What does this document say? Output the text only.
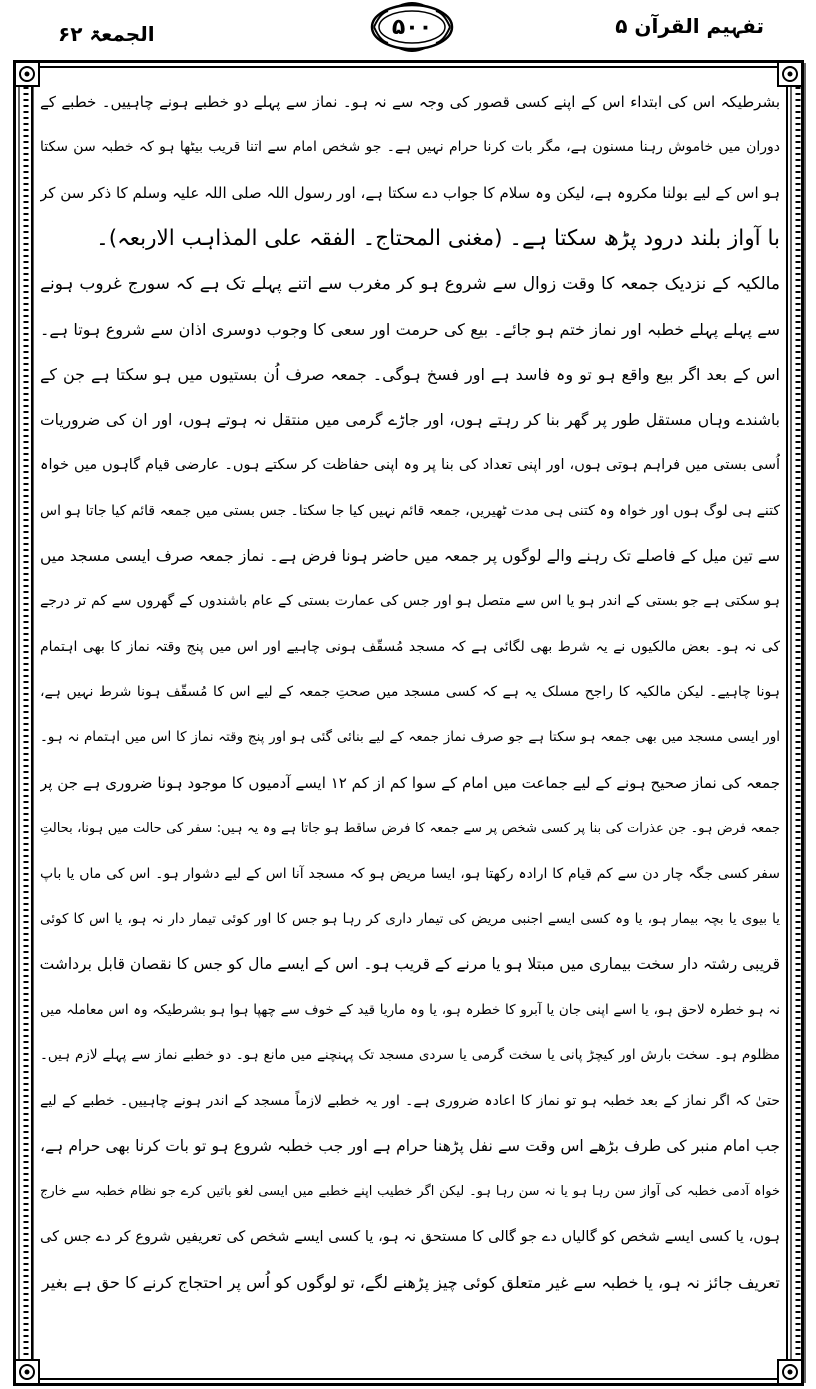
تفہیم القرآن ۵
۵۰۰
الجمعۃ ۶۲
بشرطیکہ اس کی ابتداء اس کے اپنے کسی قصور کی وجہ سے نہ ہو۔ نماز سے پہلے دو خطبے ہونے چاہییں۔ خطبے کے
دوران میں خاموش رہنا مسنون ہے، مگر بات کرنا حرام نہیں ہے۔ جو شخص امام سے اتنا قریب بیٹھا ہو کہ خطبہ سن سکتا
ہو اس کے لیے بولنا مکروہ ہے، لیکن وہ سلام کا جواب دے سکتا ہے، اور رسول اللہ صلی اللہ علیہ وسلم کا ذکر سن کر
با آواز بلند درود پڑھ سکتا ہے۔ (مغنی المحتاج۔ الفقہ علی المذاہب الاربعہ)۔
مالکیہ کے نزدیک جمعہ کا وقت زوال سے شروع ہو کر مغرب سے اتنے پہلے تک ہے کہ سورج غروب ہونے
سے پہلے پہلے خطبہ اور نماز ختم ہو جائے۔ بیع کی حرمت اور سعی کا وجوب دوسری اذان سے شروع ہوتا ہے۔
اس کے بعد اگر بیع واقع ہو تو وہ فاسد ہے اور فسخ ہوگی۔ جمعہ صرف اُن بستیوں میں ہو سکتا ہے جن کے
باشندے وہاں مستقل طور پر گھر بنا کر رہتے ہوں، اور جاڑے گرمی میں منتقل نہ ہوتے ہوں، اور ان کی ضروریات
اُسی بستی میں فراہم ہوتی ہوں، اور اپنی تعداد کی بنا پر وہ اپنی حفاظت کر سکتے ہوں۔ عارضی قیام گاہوں میں خواہ
کتنے ہی لوگ ہوں اور خواہ وہ کتنی ہی مدت ٹھیریں، جمعہ قائم نہیں کیا جا سکتا۔ جس بستی میں جمعہ قائم کیا جاتا ہو اس
سے تین میل کے فاصلے تک رہنے والے لوگوں پر جمعہ میں حاضر ہونا فرض ہے۔ نماز جمعہ صرف ایسی مسجد میں
ہو سکتی ہے جو بستی کے اندر ہو یا اس سے متصل ہو اور جس کی عمارت بستی کے عام باشندوں کے گھروں سے کم تر درجے
کی نہ ہو۔ بعض مالکیوں نے یہ شرط بھی لگائی ہے کہ مسجد مُسقّف ہونی چاہیے اور اس میں پنج وقتہ نماز کا بھی اہتمام
ہونا چاہیے۔ لیکن مالکیہ کا راجح مسلک یہ ہے کہ کسی مسجد میں صحتِ جمعہ کے لیے اس کا مُسقّف ہونا شرط نہیں ہے،
اور ایسی مسجد میں بھی جمعہ ہو سکتا ہے جو صرف نماز جمعہ کے لیے بنائی گئی ہو اور پنج وقتہ نماز کا اس میں اہتمام نہ ہو۔
جمعہ کی نماز صحیح ہونے کے لیے جماعت میں امام کے سوا کم از کم ۱۲ ایسے آدمیوں کا موجود ہونا ضروری ہے جن پر
جمعہ فرض ہو۔ جن عذرات کی بنا پر کسی شخص پر سے جمعہ کا فرض ساقط ہو جاتا ہے وہ یہ ہیں: سفر کی حالت میں ہونا، بحالتِ
سفر کسی جگہ چار دن سے کم قیام کا ارادہ رکھتا ہو، ایسا مریض ہو کہ مسجد آنا اس کے لیے دشوار ہو۔ اس کی ماں یا باپ
یا بیوی یا بچہ بیمار ہو، یا وہ کسی ایسے اجنبی مریض کی تیمار داری کر رہا ہو جس کا اور کوئی تیمار دار نہ ہو، یا اس کا کوئی
قریبی رشتہ دار سخت بیماری میں مبتلا ہو یا مرنے کے قریب ہو۔ اس کے ایسے مال کو جس کا نقصان قابل برداشت
نہ ہو خطرہ لاحق ہو، یا اسے اپنی جان یا آبرو کا خطرہ ہو، یا وہ ماریا قید کے خوف سے چھپا ہوا ہو بشرطیکہ وہ اس معاملہ میں
مظلوم ہو۔ سخت بارش اور کیچڑ پانی یا سخت گرمی یا سردی مسجد تک پہنچنے میں مانع ہو۔ دو خطبے نماز سے پہلے لازم ہیں۔
حتیٰ کہ اگر نماز کے بعد خطبہ ہو تو نماز کا اعادہ ضروری ہے۔ اور یہ خطبے لازماً مسجد کے اندر ہونے چاہییں۔ خطبے کے لیے
جب امام منبر کی طرف بڑھے اس وقت سے نفل پڑھنا حرام ہے اور جب خطبہ شروع ہو تو بات کرنا بھی حرام ہے،
خواہ آدمی خطبہ کی آواز سن رہا ہو یا نہ سن رہا ہو۔ لیکن اگر خطیب اپنے خطبے میں ایسی لغو باتیں کرے جو نظام خطبہ سے خارج
ہوں، یا کسی ایسے شخص کو گالیاں دے جو گالی کا مستحق نہ ہو، یا کسی ایسے شخص کی تعریفیں شروع کر دے جس کی
تعریف جائز نہ ہو، یا خطبہ سے غیر متعلق کوئی چیز پڑھنے لگے، تو لوگوں کو اُس پر احتجاج کرنے کا حق ہے بغیر
